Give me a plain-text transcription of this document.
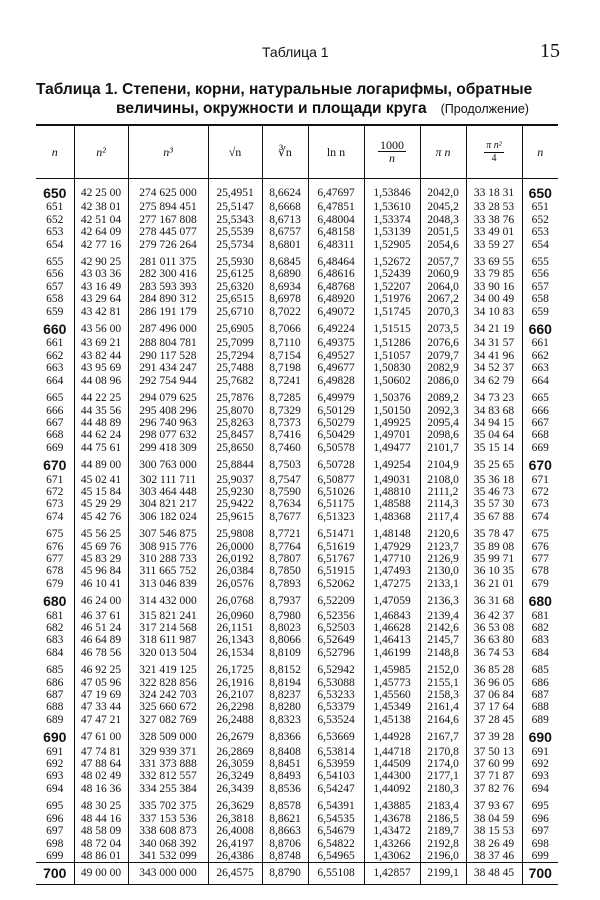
Таблица 1	15
Таблица 1. Степени, корни, натуральные логарифмы, обратные
величины, окружности и площади круга (Продолжение)
n	n²	n³	√n	∛n	ln n	$\frac{1000}{n}$	π n	$\frac{\text{π n²}}{4}$	n
650	42 25 00	274 625 000	25,4951	8,6624	6,47697	1,53846	2042,0	33 18 31	650
651	42 38 01	275 894 451	25,5147	8,6668	6,47851	1,53610	2045,2	33 28 53	651
652	42 51 04	277 167 808	25,5343	8,6713	6,48004	1,53374	2048,3	33 38 76	652
653	42 64 09	278 445 077	25,5539	8,6757	6,48158	1,53139	2051,5	33 49 01	653
654	42 77 16	279 726 264	25,5734	8,6801	6,48311	1,52905	2054,6	33 59 27	654
655	42 90 25	281 011 375	25,5930	8,6845	6,48464	1,52672	2057,7	33 69 55	655
656	43 03 36	282 300 416	25,6125	8,6890	6,48616	1,52439	2060,9	33 79 85	656
657	43 16 49	283 593 393	25,6320	8,6934	6,48768	1,52207	2064,0	33 90 16	657
658	43 29 64	284 890 312	25,6515	8,6978	6,48920	1,51976	2067,2	34 00 49	658
659	43 42 81	286 191 179	25,6710	8,7022	6,49072	1,51745	2070,3	34 10 83	659
660	43 56 00	287 496 000	25,6905	8,7066	6,49224	1,51515	2073,5	34 21 19	660
661	43 69 21	288 804 781	25,7099	8,7110	6,49375	1,51286	2076,6	34 31 57	661
662	43 82 44	290 117 528	25,7294	8,7154	6,49527	1,51057	2079,7	34 41 96	662
663	43 95 69	291 434 247	25,7488	8,7198	6,49677	1,50830	2082,9	34 52 37	663
664	44 08 96	292 754 944	25,7682	8,7241	6,49828	1,50602	2086,0	34 62 79	664
665	44 22 25	294 079 625	25,7876	8,7285	6,49979	1,50376	2089,2	34 73 23	665
666	44 35 56	295 408 296	25,8070	8,7329	6,50129	1,50150	2092,3	34 83 68	666
667	44 48 89	296 740 963	25,8263	8,7373	6,50279	1,49925	2095,4	34 94 15	667
668	44 62 24	298 077 632	25,8457	8,7416	6,50429	1,49701	2098,6	35 04 64	668
669	44 75 61	299 418 309	25,8650	8,7460	6,50578	1,49477	2101,7	35 15 14	669
670	44 89 00	300 763 000	25,8844	8,7503	6,50728	1,49254	2104,9	35 25 65	670
671	45 02 41	302 111 711	25,9037	8,7547	6,50877	1,49031	2108,0	35 36 18	671
672	45 15 84	303 464 448	25,9230	8,7590	6,51026	1,48810	2111,2	35 46 73	672
673	45 29 29	304 821 217	25,9422	8,7634	6,51175	1,48588	2114,3	35 57 30	673
674	45 42 76	306 182 024	25,9615	8,7677	6,51323	1,48368	2117,4	35 67 88	674
675	45 56 25	307 546 875	25,9808	8,7721	6,51471	1,48148	2120,6	35 78 47	675
676	45 69 76	308 915 776	26,0000	8,7764	6,51619	1,47929	2123,7	35 89 08	676
677	45 83 29	310 288 733	26,0192	8,7807	6,51767	1,47710	2126,9	35 99 71	677
678	45 96 84	311 665 752	26,0384	8,7850	6,51915	1,47493	2130,0	36 10 35	678
679	46 10 41	313 046 839	26,0576	8,7893	6,52062	1,47275	2133,1	36 21 01	679
680	46 24 00	314 432 000	26,0768	8,7937	6,52209	1,47059	2136,3	36 31 68	680
681	46 37 61	315 821 241	26,0960	8,7980	6,52356	1,46843	2139,4	36 42 37	681
682	46 51 24	317 214 568	26,1151	8,8023	6,52503	1,46628	2142,6	36 53 08	682
683	46 64 89	318 611 987	26,1343	8,8066	6,52649	1,46413	2145,7	36 63 80	683
684	46 78 56	320 013 504	26,1534	8,8109	6,52796	1,46199	2148,8	36 74 53	684
685	46 92 25	321 419 125	26,1725	8,8152	6,52942	1,45985	2152,0	36 85 28	685
686	47 05 96	322 828 856	26,1916	8,8194	6,53088	1,45773	2155,1	36 96 05	686
687	47 19 69	324 242 703	26,2107	8,8237	6,53233	1,45560	2158,3	37 06 84	687
688	47 33 44	325 660 672	26,2298	8,8280	6,53379	1,45349	2161,4	37 17 64	688
689	47 47 21	327 082 769	26,2488	8,8323	6,53524	1,45138	2164,6	37 28 45	689
690	47 61 00	328 509 000	26,2679	8,8366	6,53669	1,44928	2167,7	37 39 28	690
691	47 74 81	329 939 371	26,2869	8,8408	6,53814	1,44718	2170,8	37 50 13	691
692	47 88 64	331 373 888	26,3059	8,8451	6,53959	1,44509	2174,0	37 60 99	692
693	48 02 49	332 812 557	26,3249	8,8493	6,54103	1,44300	2177,1	37 71 87	693
694	48 16 36	334 255 384	26,3439	8,8536	6,54247	1,44092	2180,3	37 82 76	694
695	48 30 25	335 702 375	26,3629	8,8578	6,54391	1,43885	2183,4	37 93 67	695
696	48 44 16	337 153 536	26,3818	8,8621	6,54535	1,43678	2186,5	38 04 59	696
697	48 58 09	338 608 873	26,4008	8,8663	6,54679	1,43472	2189,7	38 15 53	697
698	48 72 04	340 068 392	26,4197	8,8706	6,54822	1,43266	2192,8	38 26 49	698
699	48 86 01	341 532 099	26,4386	8,8748	6,54965	1,43062	2196,0	38 37 46	699
700	49 00 00	343 000 000	26,4575	8,8790	6,55108	1,42857	2199,1	38 48 45	700
